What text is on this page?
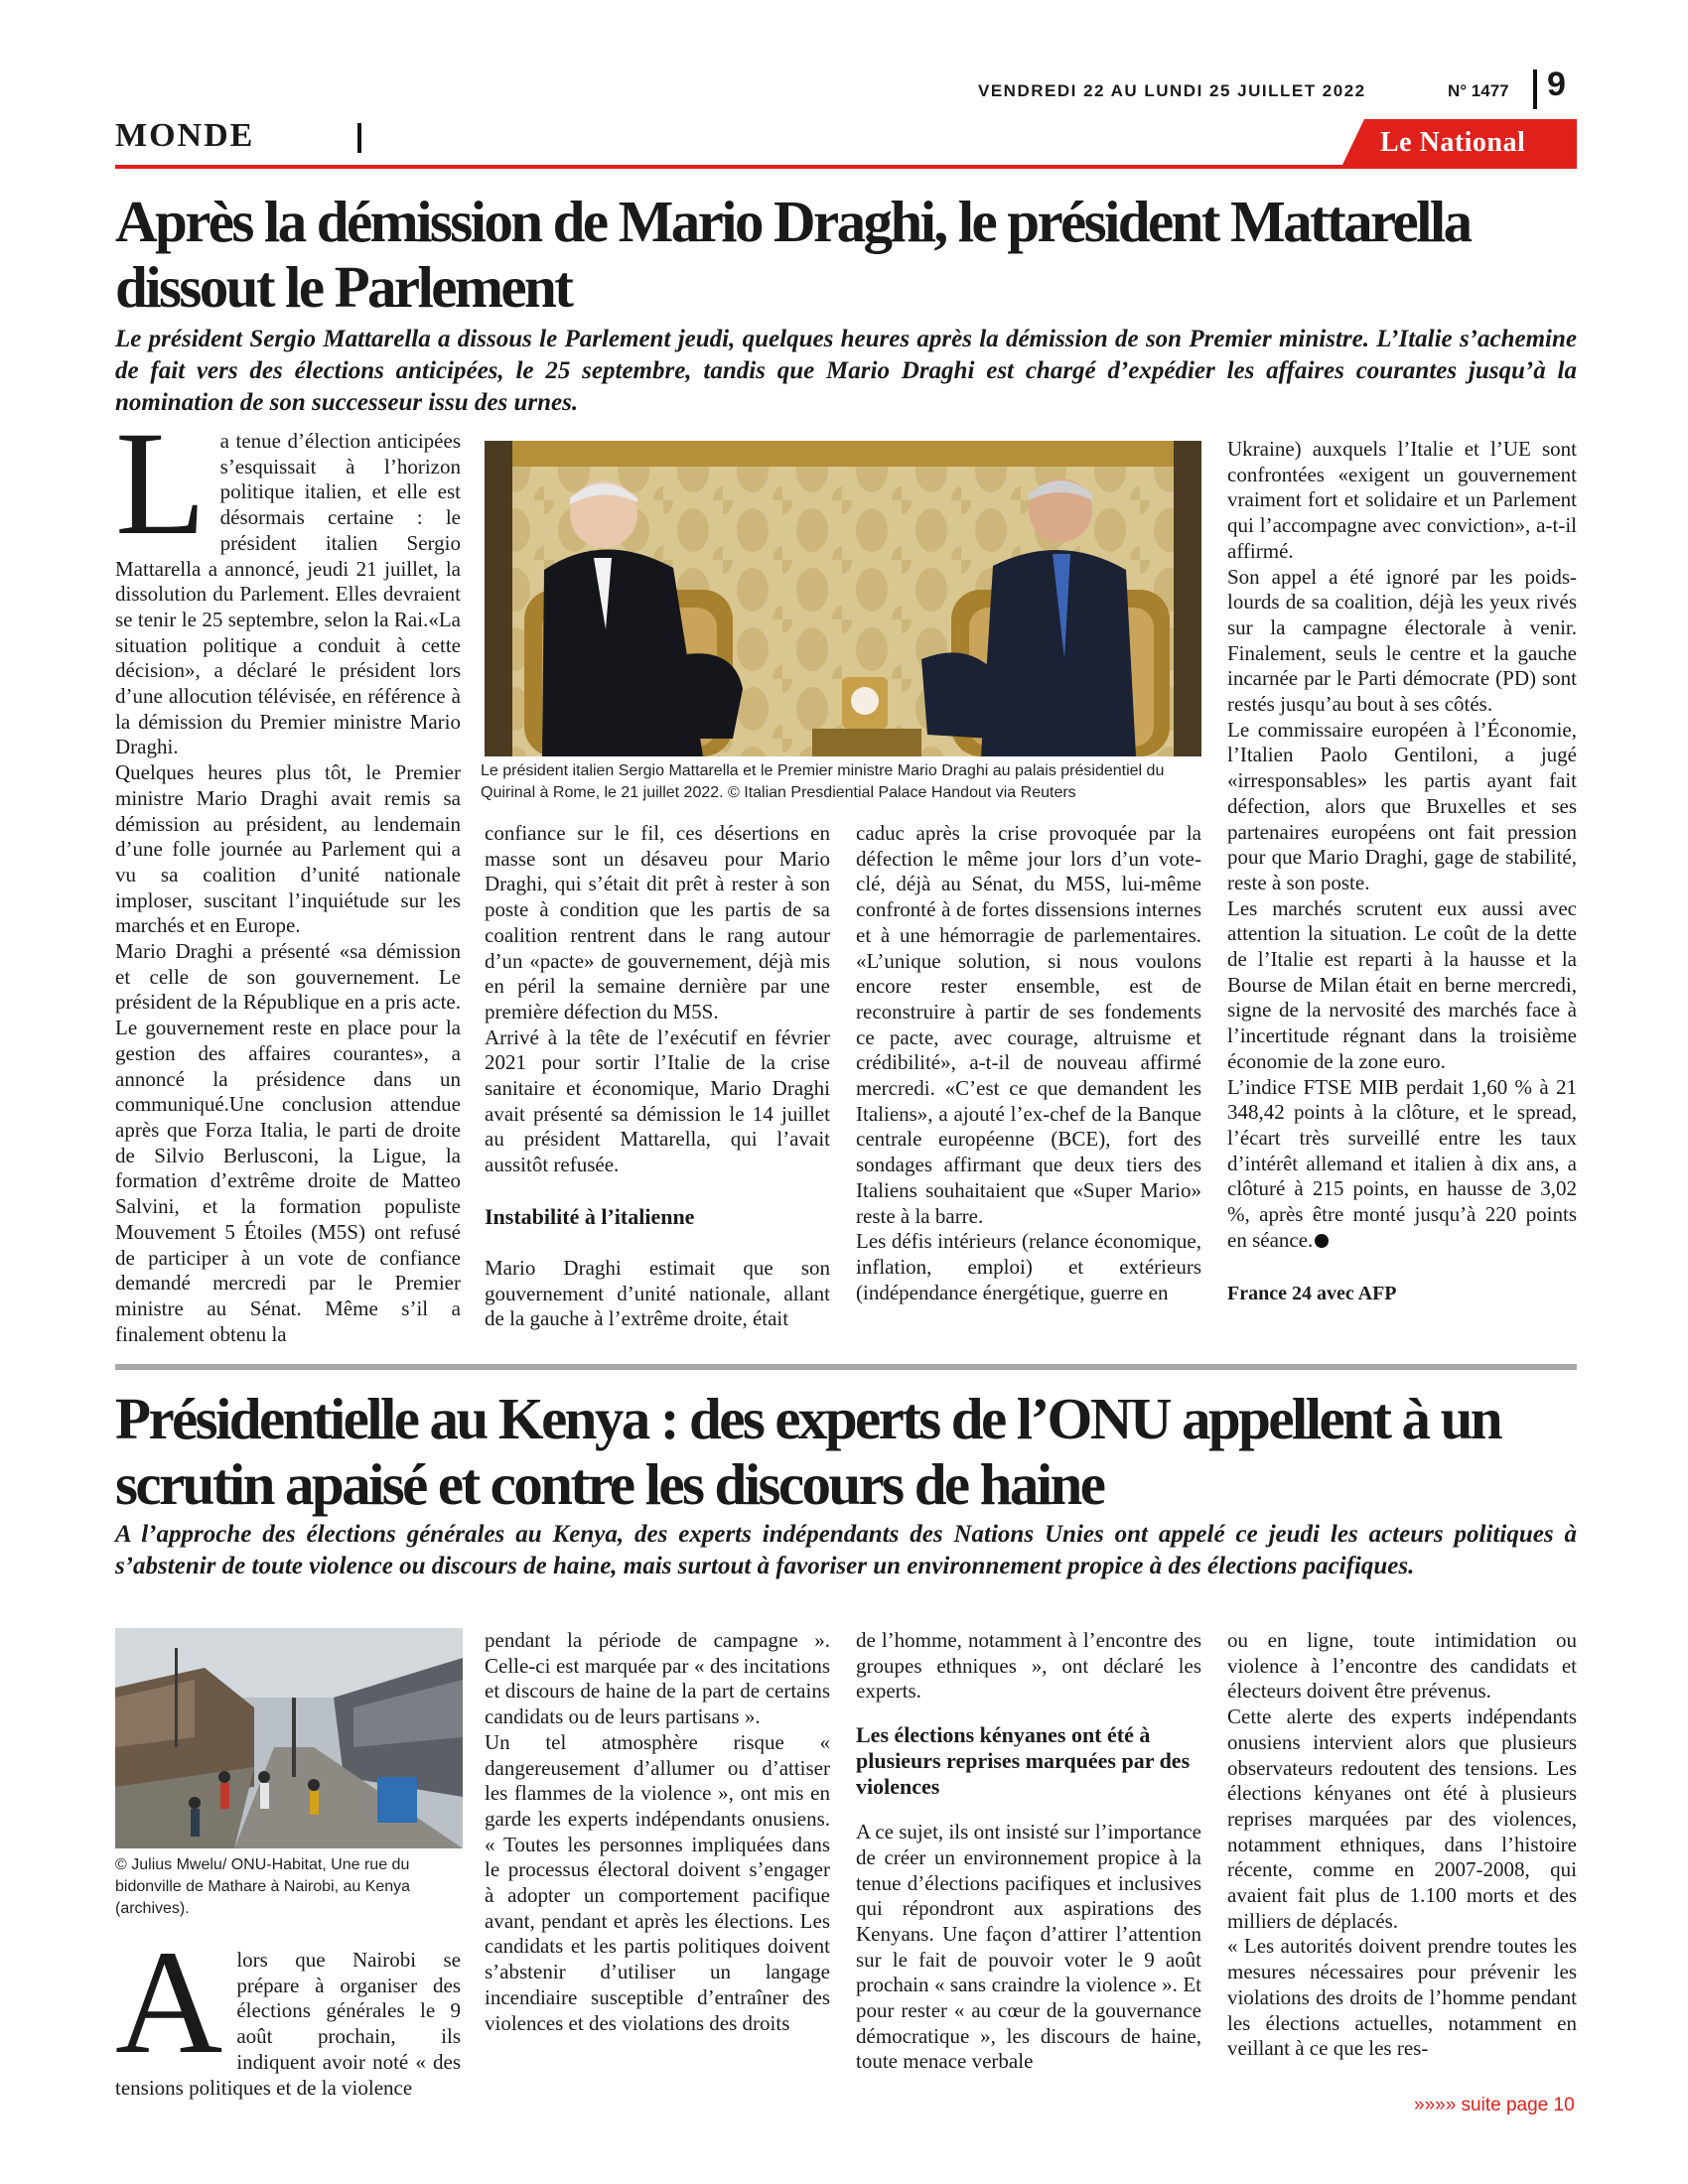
VENDREDI 22 AU LUNDI 25 JUILLET 2022	N° 1477 9
MONDE	Le National
Après la démission de Mario Draghi, le président Mattarella dissout le Parlement

Le président Sergio Mattarella a dissous le Parlement jeudi, quelques heures après la démission de son Premier ministre. L’Italie s’achemine de fait vers des élections anticipées, le 25 septembre, tandis que Mario Draghi est chargé d’expédier les affaires courantes jusqu’à la nomination de son successeur issu des urnes.

La tenue d’élection anticipées s’esquissait à l’horizon politique italien, et elle est désormais certaine : le président italien Sergio Mattarella a annoncé, jeudi 21 juillet, la dissolution du Parlement. Elles devraient se tenir le 25 septembre, selon la Rai.«La situation politique a conduit à cette décision», a déclaré le président lors d’une allocution télévisée, en référence à la démission du Premier ministre Mario Draghi.

Quelques heures plus tôt, le Premier ministre Mario Draghi avait remis sa démission au président, au lendemain d’une folle journée au Parlement qui a vu sa coalition d’unité nationale imploser, suscitant l’inquiétude sur les marchés et en Europe.

Mario Draghi a présenté «sa démission et celle de son gouvernement. Le président de la République en a pris acte. Le gouvernement reste en place pour la gestion des affaires courantes», a annoncé la présidence dans un communiqué.Une conclusion attendue après que Forza Italia, le parti de droite de Silvio Berlusconi, la Ligue, la formation d’extrême droite de Matteo Salvini, et la formation populiste Mouvement 5 Étoiles (M5S) ont refusé de participer à un vote de confiance demandé mercredi par le Premier ministre au Sénat. Même s’il a finalement obtenu la

Le président italien Sergio Mattarella et le Premier ministre Mario Draghi au palais présidentiel du Quirinal à Rome, le 21 juillet 2022. © Italian Presdiential Palace Handout via Reuters

confiance sur le fil, ces désertions en masse sont un désaveu pour Mario Draghi, qui s’était dit prêt à rester à son poste à condition que les partis de sa coalition rentrent dans le rang autour d’un «pacte» de gouvernement, déjà mis en péril la semaine dernière par une première défection du M5S.

Arrivé à la tête de l’exécutif en février 2021 pour sortir l’Italie de la crise sanitaire et économique, Mario Draghi avait présenté sa démission le 14 juillet au président Mattarella, qui l’avait aussitôt refusée.

Instabilité à l’italienne

Mario Draghi estimait que son gouvernement d’unité nationale, allant de la gauche à l’extrême droite, était

caduc après la crise provoquée par la défection le même jour lors d’un vote-clé, déjà au Sénat, du M5S, lui-même confronté à de fortes dissensions internes et à une hémorragie de parlementaires. «L’unique solution, si nous voulons encore rester ensemble, est de reconstruire à partir de ses fondements ce pacte, avec courage, altruisme et crédibilité», a-t-il de nouveau affirmé mercredi. «C’est ce que demandent les Italiens», a ajouté l’ex-chef de la Banque centrale européenne (BCE), fort des sondages affirmant que deux tiers des Italiens souhaitaient que «Super Mario» reste à la barre.

Les défis intérieurs (relance économique, inflation, emploi) et extérieurs (indépendance énergétique, guerre en

Ukraine) auxquels l’Italie et l’UE sont confrontées «exigent un gouvernement vraiment fort et solidaire et un Parlement qui l’accompagne avec conviction», a-t-il affirmé.

Son appel a été ignoré par les poids-lourds de sa coalition, déjà les yeux rivés sur la campagne électorale à venir. Finalement, seuls le centre et la gauche incarnée par le Parti démocrate (PD) sont restés jusqu’au bout à ses côtés.

Le commissaire européen à l’Économie, l’Italien Paolo Gentiloni, a jugé «irresponsables» les partis ayant fait défection, alors que Bruxelles et ses partenaires européens ont fait pression pour que Mario Draghi, gage de stabilité, reste à son poste.

Les marchés scrutent eux aussi avec attention la situation. Le coût de la dette de l’Italie est reparti à la hausse et la Bourse de Milan était en berne mercredi, signe de la nervosité des marchés face à l’incertitude régnant dans la troisième économie de la zone euro.

L’indice FTSE MIB perdait 1,60 % à 21 348,42 points à la clôture, et le spread, l’écart très surveillé entre les taux d’intérêt allemand et italien à dix ans, a clôturé à 215 points, en hausse de 3,02 %, après être monté jusqu’à 220 points en séance.

France 24 avec AFP

Présidentielle au Kenya : des experts de l’ONU appellent à un scrutin apaisé et contre les discours de haine

A l’approche des élections générales au Kenya, des experts indépendants des Nations Unies ont appelé ce jeudi les acteurs politiques à s’abstenir de toute violence ou discours de haine, mais surtout à favoriser un environnement propice à des élections pacifiques.

© Julius Mwelu/ ONU-Habitat, Une rue du bidonville de Mathare à Nairobi, au Kenya (archives).

Alors que Nairobi se prépare à organiser des élections générales le 9 août prochain, ils indiquent avoir noté « des tensions politiques et de la violence

pendant la période de campagne ». Celle-ci est marquée par « des incitations et discours de haine de la part de certains candidats ou de leurs partisans ».

Un tel atmosphère risque « dangereusement d’allumer ou d’attiser les flammes de la violence », ont mis en garde les experts indépendants onusiens. « Toutes les personnes impliquées dans le processus électoral doivent s’engager à adopter un comportement pacifique avant, pendant et après les élections. Les candidats et les partis politiques doivent s’abstenir d’utiliser un langage incendiaire susceptible d’entraîner des violences et des violations des droits

de l’homme, notamment à l’encontre des groupes ethniques », ont déclaré les experts.

Les élections kényanes ont été à plusieurs reprises marquées par des violences

A ce sujet, ils ont insisté sur l’importance de créer un environnement propice à la tenue d’élections pacifiques et inclusives qui répondront aux aspirations des Kenyans. Une façon d’attirer l’attention sur le fait de pouvoir voter le 9 août prochain « sans craindre la violence ». Et pour rester « au cœur de la gouvernance démocratique », les discours de haine, toute menace verbale

ou en ligne, toute intimidation ou violence à l’encontre des candidats et électeurs doivent être prévenus.

Cette alerte des experts indépendants onusiens intervient alors que plusieurs observateurs redoutent des tensions. Les élections kényanes ont été à plusieurs reprises marquées par des violences, notamment ethniques, dans l’histoire récente, comme en 2007-2008, qui avaient fait plus de 1.100 morts et des milliers de déplacés.

« Les autorités doivent prendre toutes les mesures nécessaires pour prévenir les violations des droits de l’homme pendant les élections actuelles, notamment en veillant à ce que les res-

»»»» suite page 10
